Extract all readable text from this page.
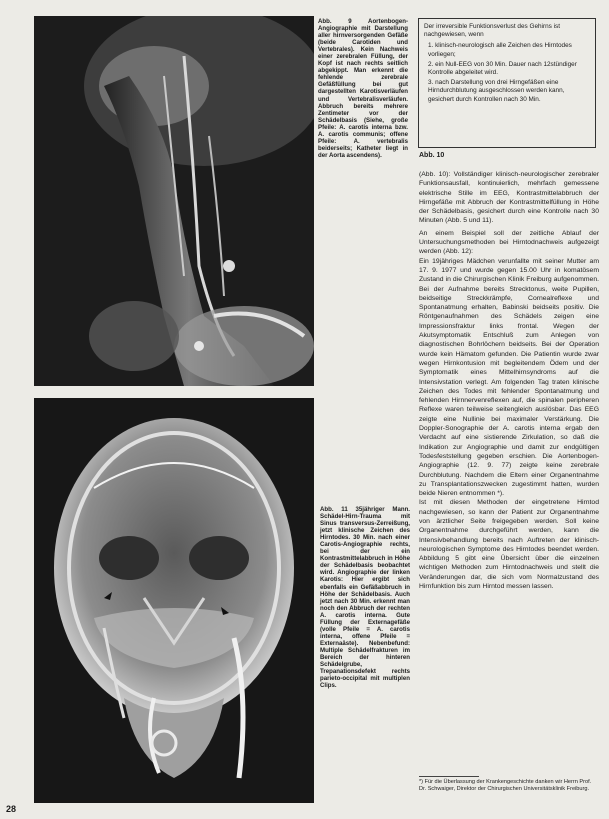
Abb. 9 Aortenbogen-Angiographie mit Darstellung aller hirnversorgenden Gefäße (beide Carotiden und Vertebrales). Kein Nachweis einer zerebralen Füllung, der Kopf ist nach rechts seitlich abgekippt. Man erkennt die fehlende zerebrale Gefäßfüllung bei gut dargestellten Karotisverläufen und Vertebralisverläufen. Abbruch bereits mehrere Zentimeter vor der Schädelbasis (Siehe, große Pfeile: A. carotis interna bzw. A. carotis communis; offene Pfeile: A. vertebralis beiderseits; Katheter liegt in der Aorta ascendens).

Der irreversible Funktionsverlust des Gehirns ist nachgewiesen, wenn
1. klinisch-neurologisch alle Zeichen des Hirntodes vorliegen;
2. ein Null-EEG von 30 Min. Dauer nach 12stündiger Kontrolle abgeleitet wird.
3. nach Darstellung von drei Hirngefäßen eine Hirndurchblutung ausgeschlossen werden kann, gesichert durch Kontrollen nach 30 Min.
Abb. 10

(Abb. 10): Vollständiger klinisch-neurologischer zerebraler Funktionsausfall, kontinuierlich, mehrfach gemessene elektrische Stille im EEG, Kontrastmittelabbruch der Hirngefäße mit Abbruch der Kontrastmittelfüllung in Höhe der Schädelbasis, gesichert durch eine Kontrolle nach 30 Minuten (Abb. 5 und 11).

An einem Beispiel soll der zeitliche Ablauf der Untersuchungsmethoden bei Hirntodnachweis aufgezeigt werden (Abb. 12):

Ein 19jähriges Mädchen verunfallte mit seiner Mutter am 17. 9. 1977 und wurde gegen 15.00 Uhr in komatösem Zustand in die Chirurgischen Klinik Freiburg aufgenommen. Bei der Aufnahme bereits Strecktonus, weite Pupillen, beidseitige Streckkrämpfe, Cornealreflexe und Spontanatmung erhalten, Babinski beidseits positiv. Die Röntgenaufnahmen des Schädels zeigen eine Impressionsfraktur links frontal. Wegen der Akutsymptomatik Entschluß zum Anlegen von diagnostischen Bohrlöchern beidseits. Bei der Operation wurde kein Hämatom gefunden. Die Patientin wurde zwar wegen Hirnkontusion mit begleitendem Ödem und der Symptomatik eines Mittelhirnsyndroms auf die Intensivstation verlegt. Am folgenden Tag traten klinische Zeichen des Todes mit fehlender Spontanatmung und fehlenden Hirnnervenreflexen auf, die spinalen peripheren Reflexe waren teilweise seitengleich auslösbar. Das EEG zeigte eine Nullinie bei maximaler Verstärkung. Die Doppler-Sonographie der A. carotis interna ergab den Verdacht auf eine sistierende Zirkulation, so daß die Indikation zur Angiographie und damit zur endgültigen Todesfeststellung gegeben erschien. Die Aortenbogen-Angiographie (12. 9. 77) zeigte keine zerebrale Durchblutung. Nachdem die Eltern einer Organentnahme zu Transplantationszwecken zugestimmt hatten, wurden beide Nieren entnommen *).

Ist mit diesen Methoden der eingetretene Hirntod nachgewiesen, so kann der Patient zur Organentnahme von ärztlicher Seite freigegeben werden. Soll keine Organentnahme durchgeführt werden, kann die Intensivbehandlung bereits nach Auftreten der klinisch-neurologischen Symptome des Hirntodes beendet werden. Abbildung 5 gibt eine Übersicht über die einzelnen wichtigen Methoden zum Hirntodnachweis und stellt die Veränderungen dar, die sich vom Normalzustand des Hirnfunktion bis zum Hirntod messen lassen.

Abb. 11 35jähriger Mann. Schädel-Hirn-Trauma mit Sinus transversus-Zerreißung, jetzt klinische Zeichen des Hirntodes. 30 Min. nach einer Carotis-Angiographie rechts, bei der ein Kontrastmittelabbruch in Höhe der Schädelbasis beobachtet wird. Angiographie der linken Karotis: Hier ergibt sich ebenfalls ein Gefäßabbruch in Höhe der Schädelbasis. Auch jetzt nach 30 Min. erkennt man noch den Abbruch der rechten A. carotis interna. Gute Füllung der Externagefäße (volle Pfeile = A. carotis interna, offene Pfeile = Externaäste). Nebenbefund: Multiple Schädelfrakturen im Bereich der hinteren Schädelgrube, Trepanationsdefekt rechts parieto-occipital mit multiplen Clips.

*) Für die Überlassung der Krankengeschichte danken wir Herrn Prof. Dr. Schwaiger, Direktor der Chirurgischen Universitätsklinik Freiburg.

28
